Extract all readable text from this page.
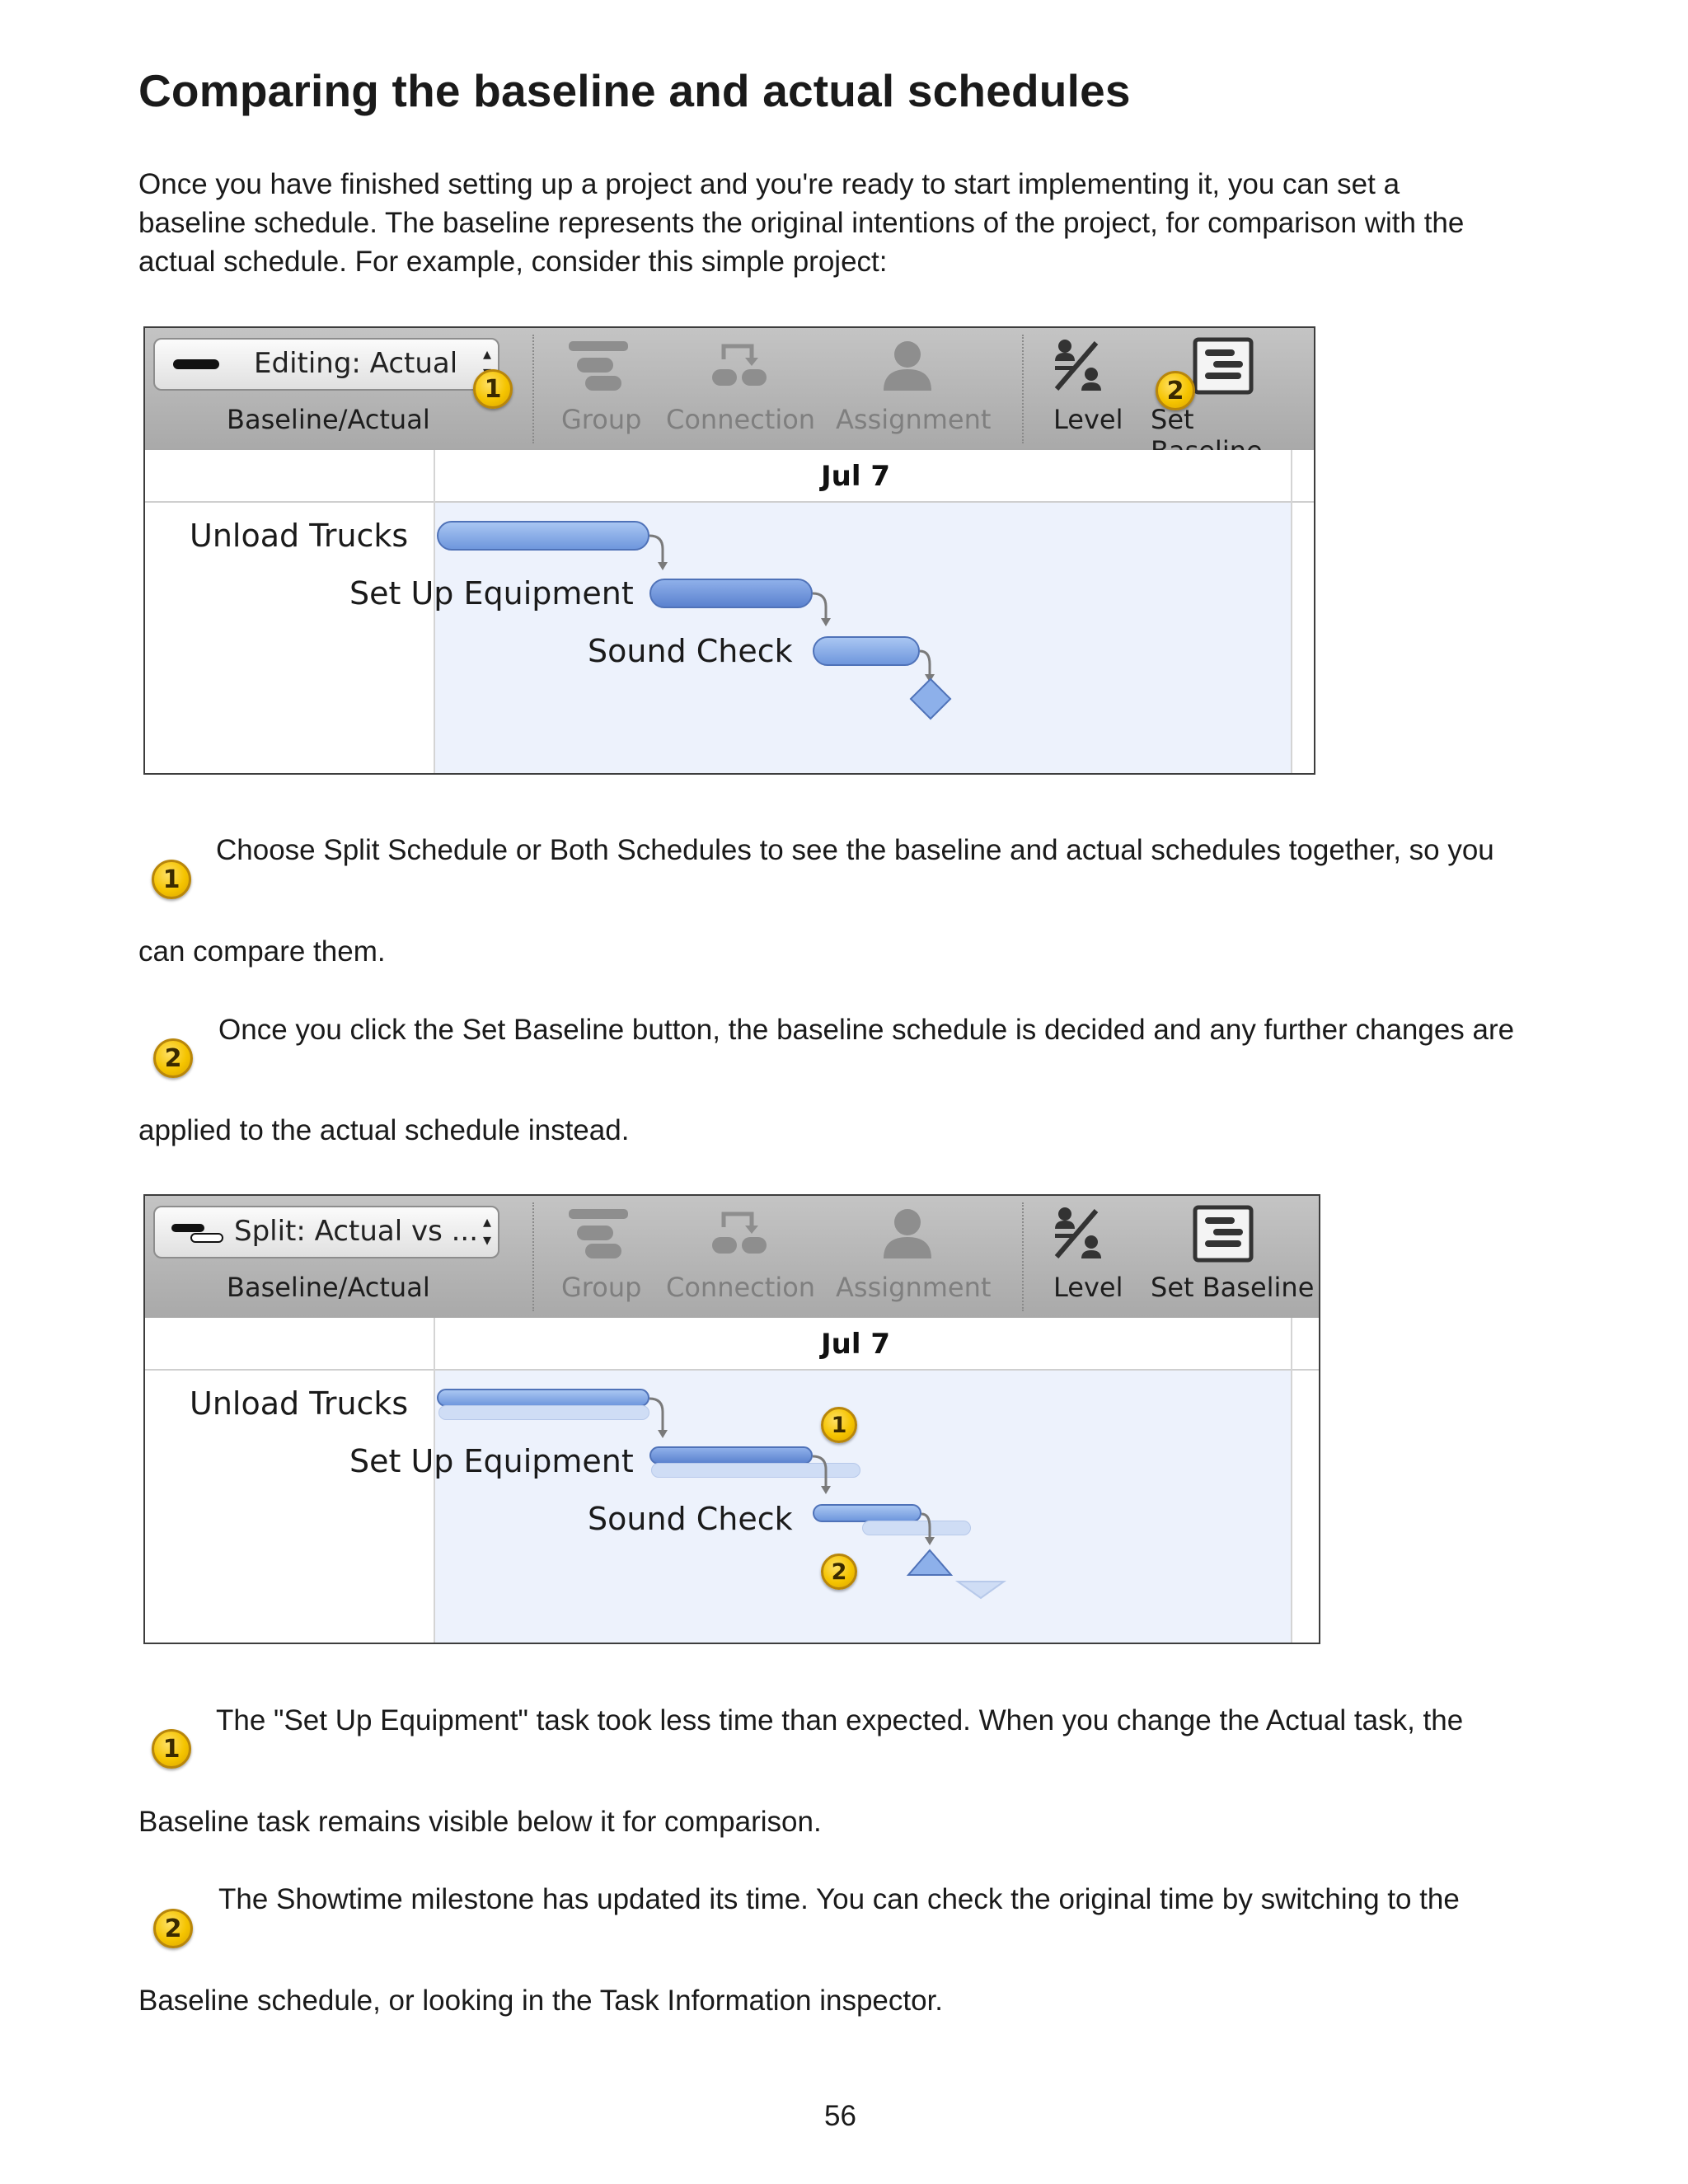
Comparing the baseline and actual schedules

Once you have finished setting up a project and you're ready to start implementing it, you can set a

baseline schedule. The baseline represents the original intentions of the project, for comparison with the

actual schedule. For example, consider this simple project:

Editing: Actual ▴

Baseline/Actual
1
Group Connection Assignment Level
2
Set
Jul 7
Unload Trucks
Set Up Equipment
Sound Check
1
Choose Split Schedule or Both Schedules to see the baseline and actual schedules together, so you
can compare them.
2
Once you click the Set Baseline button, the baseline schedule is decided and any further changes are
applied to the actual schedule instead.
Split: Actual vs ... ▴
▾
Baseline/Actual	Group Connection Assignment Level Set Baseline
Jul 7
Unload Trucks
Set Up Equipment
Sound Check
1
2
1
The "Set Up Equipment" task took less time than expected. When you change the Actual task, the
Baseline task remains visible below it for comparison.
2
The Showtime milestone has updated its time. You can check the original time by switching to the
Baseline schedule, or looking in the Task Information inspector.
56
